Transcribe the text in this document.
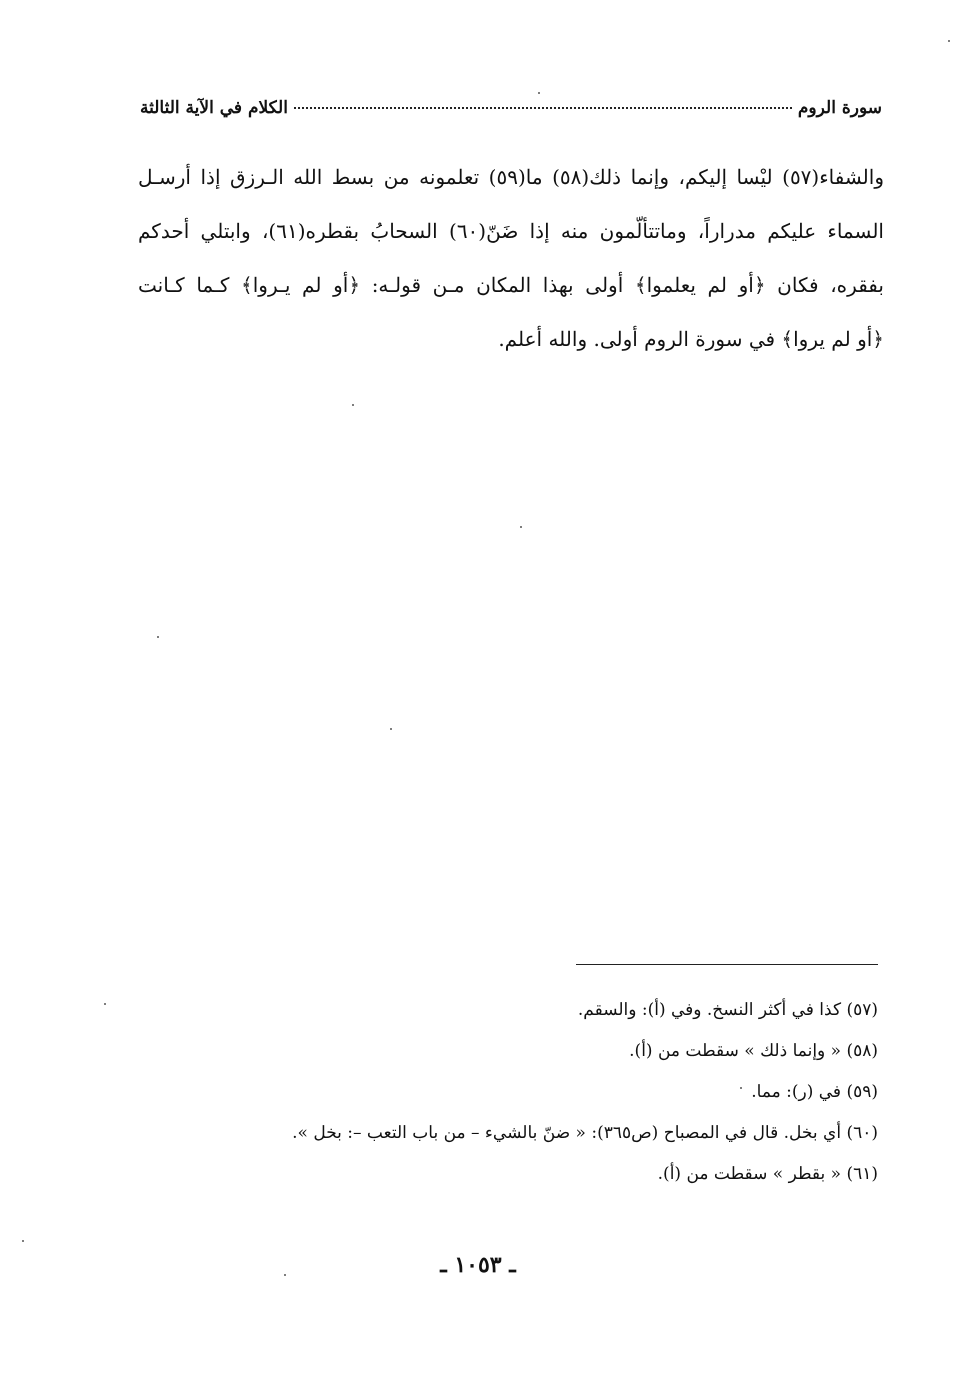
سورة الروم
الكلام في الآية الثالثة

والشفاء(٥٧) ليْسا إليكم، وإنما ذلك(٥٨) ما(٥٩) تعلمونه من بسط الله الـرزق إذا أرسـل

السماء عليكم مدراراً، وماتتألّمون منه إذا ضَنّ(٦٠) السحابُ بقطره(٦١)، وابتلي أحدكم

بفقره، فكان ﴿أو لم يعلموا﴾ أولى بهذا المكان مـن قولـه: ﴿أو لم يـروا﴾ كـما كـانت

﴿أو لم يروا﴾ في سورة الروم أولى. والله أعلم.

(٥٧) كذا في أكثر النسخ. وفي (أ): والسقم.

(٥٨) « وإنما ذلك » سقطت من (أ).

(٥٩) في (ر): مما.

(٦٠) أي بخل. قال في المصباح (ص٣٦٥): « ضنّ بالشيء – من باب التعب –: بخل ».

(٦١) « بقطر » سقطت من (أ).

ـ ١٠٥٣ ـ
